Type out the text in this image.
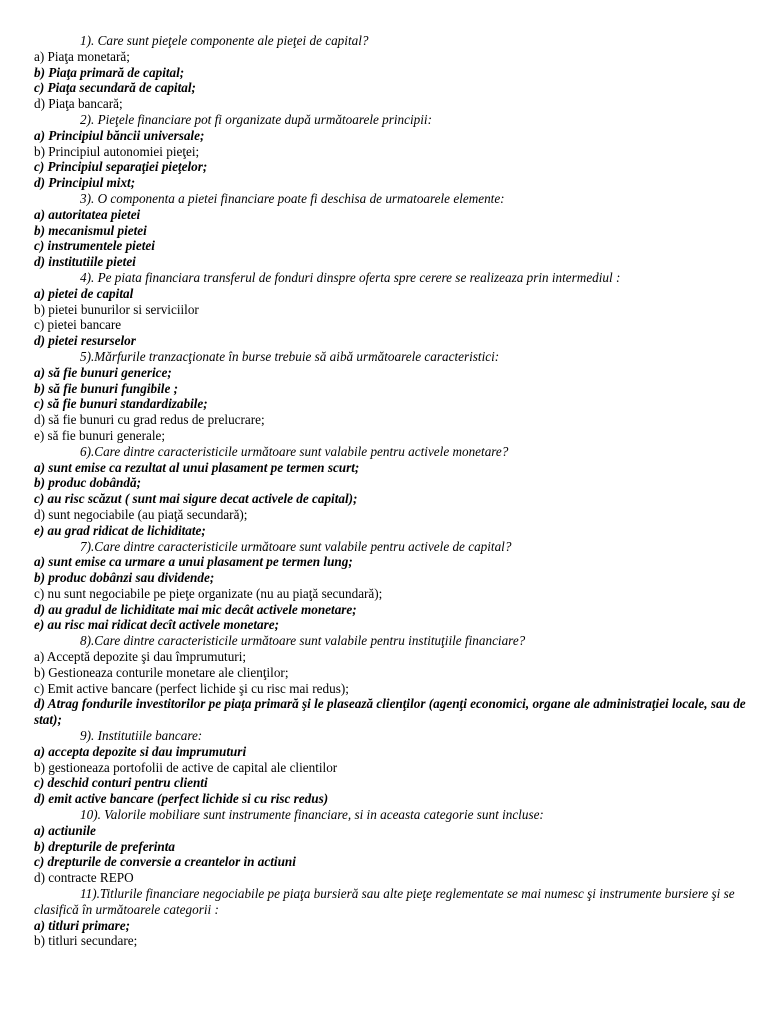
1). Care sunt pieţele componente ale pieţei de capital?

a) Piaţa monetară;

b) Piaţa primară de capital;

c) Piaţa secundară de capital;

d) Piaţa bancară;

2). Pieţele financiare pot fi organizate după următoarele principii:

a) Principiul băncii universale;

b) Principiul autonomiei pieţei;

c) Principiul separaţiei pieţelor;

d) Principiul mixt;

3). O componenta a pietei financiare poate fi deschisa de urmatoarele elemente:

a) autoritatea pietei

b) mecanismul pietei

c) instrumentele pietei

d) institutiile pietei

4). Pe piata financiara transferul de fonduri dinspre oferta spre cerere se realizeaza prin intermediul :

a) pietei de capital

b) pietei bunurilor si serviciilor

c) pietei bancare

d) pietei resurselor

5).Mărfurile tranzacţionate în burse trebuie să aibă următoarele caracteristici:

a) să fie bunuri generice;

b) să fie bunuri fungibile ;

c) să fie bunuri standardizabile;

d) să fie bunuri cu grad redus de prelucrare;

e) să fie bunuri generale;

6).Care dintre caracteristicile următoare sunt valabile pentru activele monetare?

a) sunt emise ca rezultat al unui plasament pe termen scurt;

b) produc dobândă;

c) au risc scăzut ( sunt mai sigure decat activele de capital);

d) sunt negociabile (au piaţă secundară);

e) au grad ridicat de lichiditate;

7).Care dintre caracteristicile următoare sunt valabile pentru activele de capital?

a) sunt emise ca urmare a unui plasament pe termen lung;

b) produc dobânzi sau dividende;

c) nu sunt negociabile pe pieţe organizate (nu au piaţă secundară);

d) au gradul de lichiditate mai mic decât activele monetare;

e) au risc mai ridicat decît activele monetare;

8).Care dintre caracteristicile următoare sunt valabile pentru instituţiile financiare?

a) Acceptă depozite şi dau împrumuturi;

b) Gestioneaza conturile monetare ale clienţilor;

c) Emit active bancare (perfect lichide şi cu risc mai redus);

d) Atrag fondurile investitorilor pe piaţa primară şi le plasează clienţilor (agenţi economici, organe ale administraţiei locale, sau de stat);

9). Institutiile bancare:

a) accepta depozite si dau imprumuturi

b) gestioneaza portofolii de active de capital ale clientilor

c) deschid conturi pentru clienti

d) emit active bancare (perfect lichide si cu risc redus)

10). Valorile mobiliare sunt instrumente financiare, si in aceasta categorie sunt incluse:

a) actiunile

b) drepturile de preferinta

c) drepturile de conversie a creantelor in actiuni

d) contracte REPO

11).Titlurile financiare negociabile pe piaţa bursieră sau alte pieţe reglementate se mai numesc şi instrumente bursiere şi se clasifică în următoarele categorii :

a) titluri primare;

b) titluri secundare;
